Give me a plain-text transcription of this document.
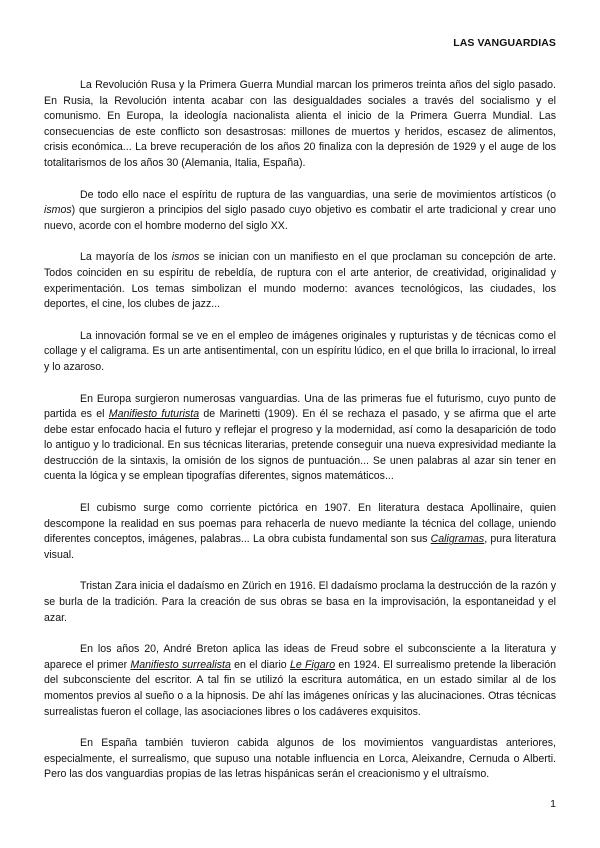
LAS VANGUARDIAS

La Revolución Rusa y la Primera Guerra Mundial marcan los primeros treinta años del siglo pasado. En Rusia, la Revolución intenta acabar con las desigualdades sociales a través del socialismo y el comunismo. En Europa, la ideología nacionalista alienta el inicio de la Primera Guerra Mundial. Las consecuencias de este conflicto son desastrosas: millones de muertos y heridos, escasez de alimentos, crisis económica... La breve recuperación de los años 20 finaliza con la depresión de 1929 y el auge de los totalitarismos de los años 30 (Alemania, Italia, España).

De todo ello nace el espíritu de ruptura de las vanguardias, una serie de movimientos artísticos (o ismos) que surgieron a principios del siglo pasado cuyo objetivo es combatir el arte tradicional y crear uno nuevo, acorde con el hombre moderno del siglo XX.

La mayoría de los ismos se inician con un manifiesto en el que proclaman su concepción de arte. Todos coinciden en su espíritu de rebeldía, de ruptura con el arte anterior, de creatividad, originalidad y experimentación. Los temas simbolizan el mundo moderno: avances tecnológicos, las ciudades, los deportes, el cine, los clubes de jazz...

La innovación formal se ve en el empleo de imágenes originales y rupturistas y de técnicas como el collage y el caligrama. Es un arte antisentimental, con un espíritu lúdico, en el que brilla lo irracional, lo irreal y lo azaroso.

En Europa surgieron numerosas vanguardias. Una de las primeras fue el futurismo, cuyo punto de partida es el Manifiesto futurista de Marinetti (1909). En él se rechaza el pasado, y se afirma que el arte debe estar enfocado hacia el futuro y reflejar el progreso y la modernidad, así como la desaparición de todo lo antiguo y lo tradicional. En sus técnicas literarias, pretende conseguir una nueva expresividad mediante la destrucción de la sintaxis, la omisión de los signos de puntuación... Se unen palabras al azar sin tener en cuenta la lógica y se emplean tipografías diferentes, signos matemáticos...

El cubismo surge como corriente pictórica en 1907. En literatura destaca Apollinaire, quien descompone la realidad en sus poemas para rehacerla de nuevo mediante la técnica del collage, uniendo diferentes conceptos, imágenes, palabras... La obra cubista fundamental son sus Caligramas, pura literatura visual.

Tristan Zara inicia el dadaísmo en Zürich en 1916. El dadaísmo proclama la destrucción de la razón y se burla de la tradición. Para la creación de sus obras se basa en la improvisación, la espontaneidad y el azar.

En los años 20, André Breton aplica las ideas de Freud sobre el subconsciente a la literatura y aparece el primer Manifiesto surrealista en el diario Le Figaro en 1924. El surrealismo pretende la liberación del subconsciente del escritor. A tal fin se utilizó la escritura automática, en un estado similar al de los momentos previos al sueño o a la hipnosis. De ahí las imágenes oníricas y las alucinaciones. Otras técnicas surrealistas fueron el collage, las asociaciones libres o los cadáveres exquisitos.

En España también tuvieron cabida algunos de los movimientos vanguardistas anteriores, especialmente, el surrealismo, que supuso una notable influencia en Lorca, Aleixandre, Cernuda o Alberti. Pero las dos vanguardias propias de las letras hispánicas serán el creacionismo y el ultraísmo.

1
